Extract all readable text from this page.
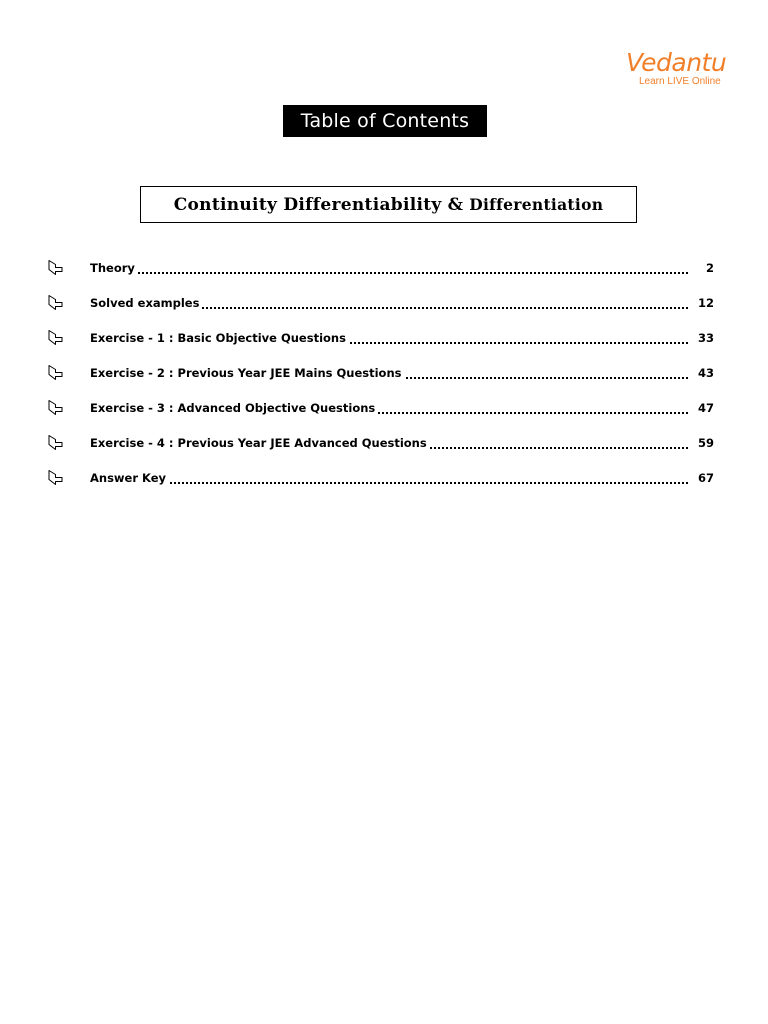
Vedantu
Learn LIVE Online
Table of Contents
Continuity Differentiability & Differentiation
Theory	2
Solved examples	12
Exercise - 1 : Basic Objective Questions	33
Exercise - 2 : Previous Year JEE Mains Questions	43
Exercise - 3 : Advanced Objective Questions	47
Exercise - 4 : Previous Year JEE Advanced Questions	59
Answer Key	67
